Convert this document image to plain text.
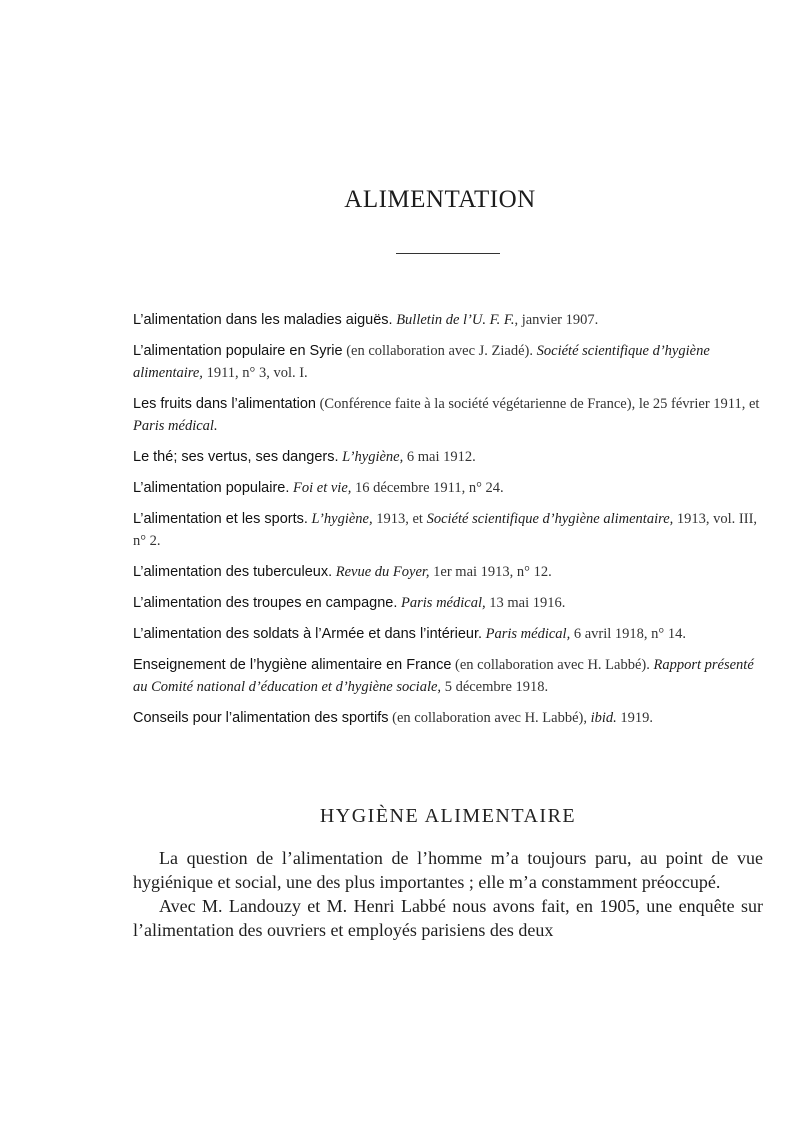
ALIMENTATION
L’alimentation dans les maladies aiguës. Bulletin de l’U. F. F., janvier 1907.
L’alimentation populaire en Syrie (en collaboration avec J. Ziadé). Société scientifique d’hygiène alimentaire, 1911, n° 3, vol. I.
Les fruits dans l’alimentation (Conférence faite à la société végétarienne de France), le 25 février 1911, et Paris médical.
Le thé; ses vertus, ses dangers. L’hygiène, 6 mai 1912.
L’alimentation populaire. Foi et vie, 16 décembre 1911, n° 24.
L’alimentation et les sports. L’hygiène, 1913, et Société scientifique d’hygiène alimentaire, 1913, vol. III, n° 2.
L’alimentation des tuberculeux. Revue du Foyer, 1er mai 1913, n° 12.
L’alimentation des troupes en campagne. Paris médical, 13 mai 1916.
L’alimentation des soldats à l’Armée et dans l’intérieur. Paris médical, 6 avril 1918, n° 14.
Enseignement de l’hygiène alimentaire en France (en collaboration avec H. Labbé). Rapport présenté au Comité national d’éducation et d’hygiène sociale, 5 décembre 1918.
Conseils pour l’alimentation des sportifs (en collaboration avec H. Labbé), ibid. 1919.
HYGIÈNE ALIMENTAIRE

La question de l’alimentation de l’homme m’a toujours paru, au point de vue hygiénique et social, une des plus importantes ; elle m’a constamment préoccupé.

Avec M. Landouzy et M. Henri Labbé nous avons fait, en 1905, une enquête sur l’alimentation des ouvriers et employés parisiens des deux
